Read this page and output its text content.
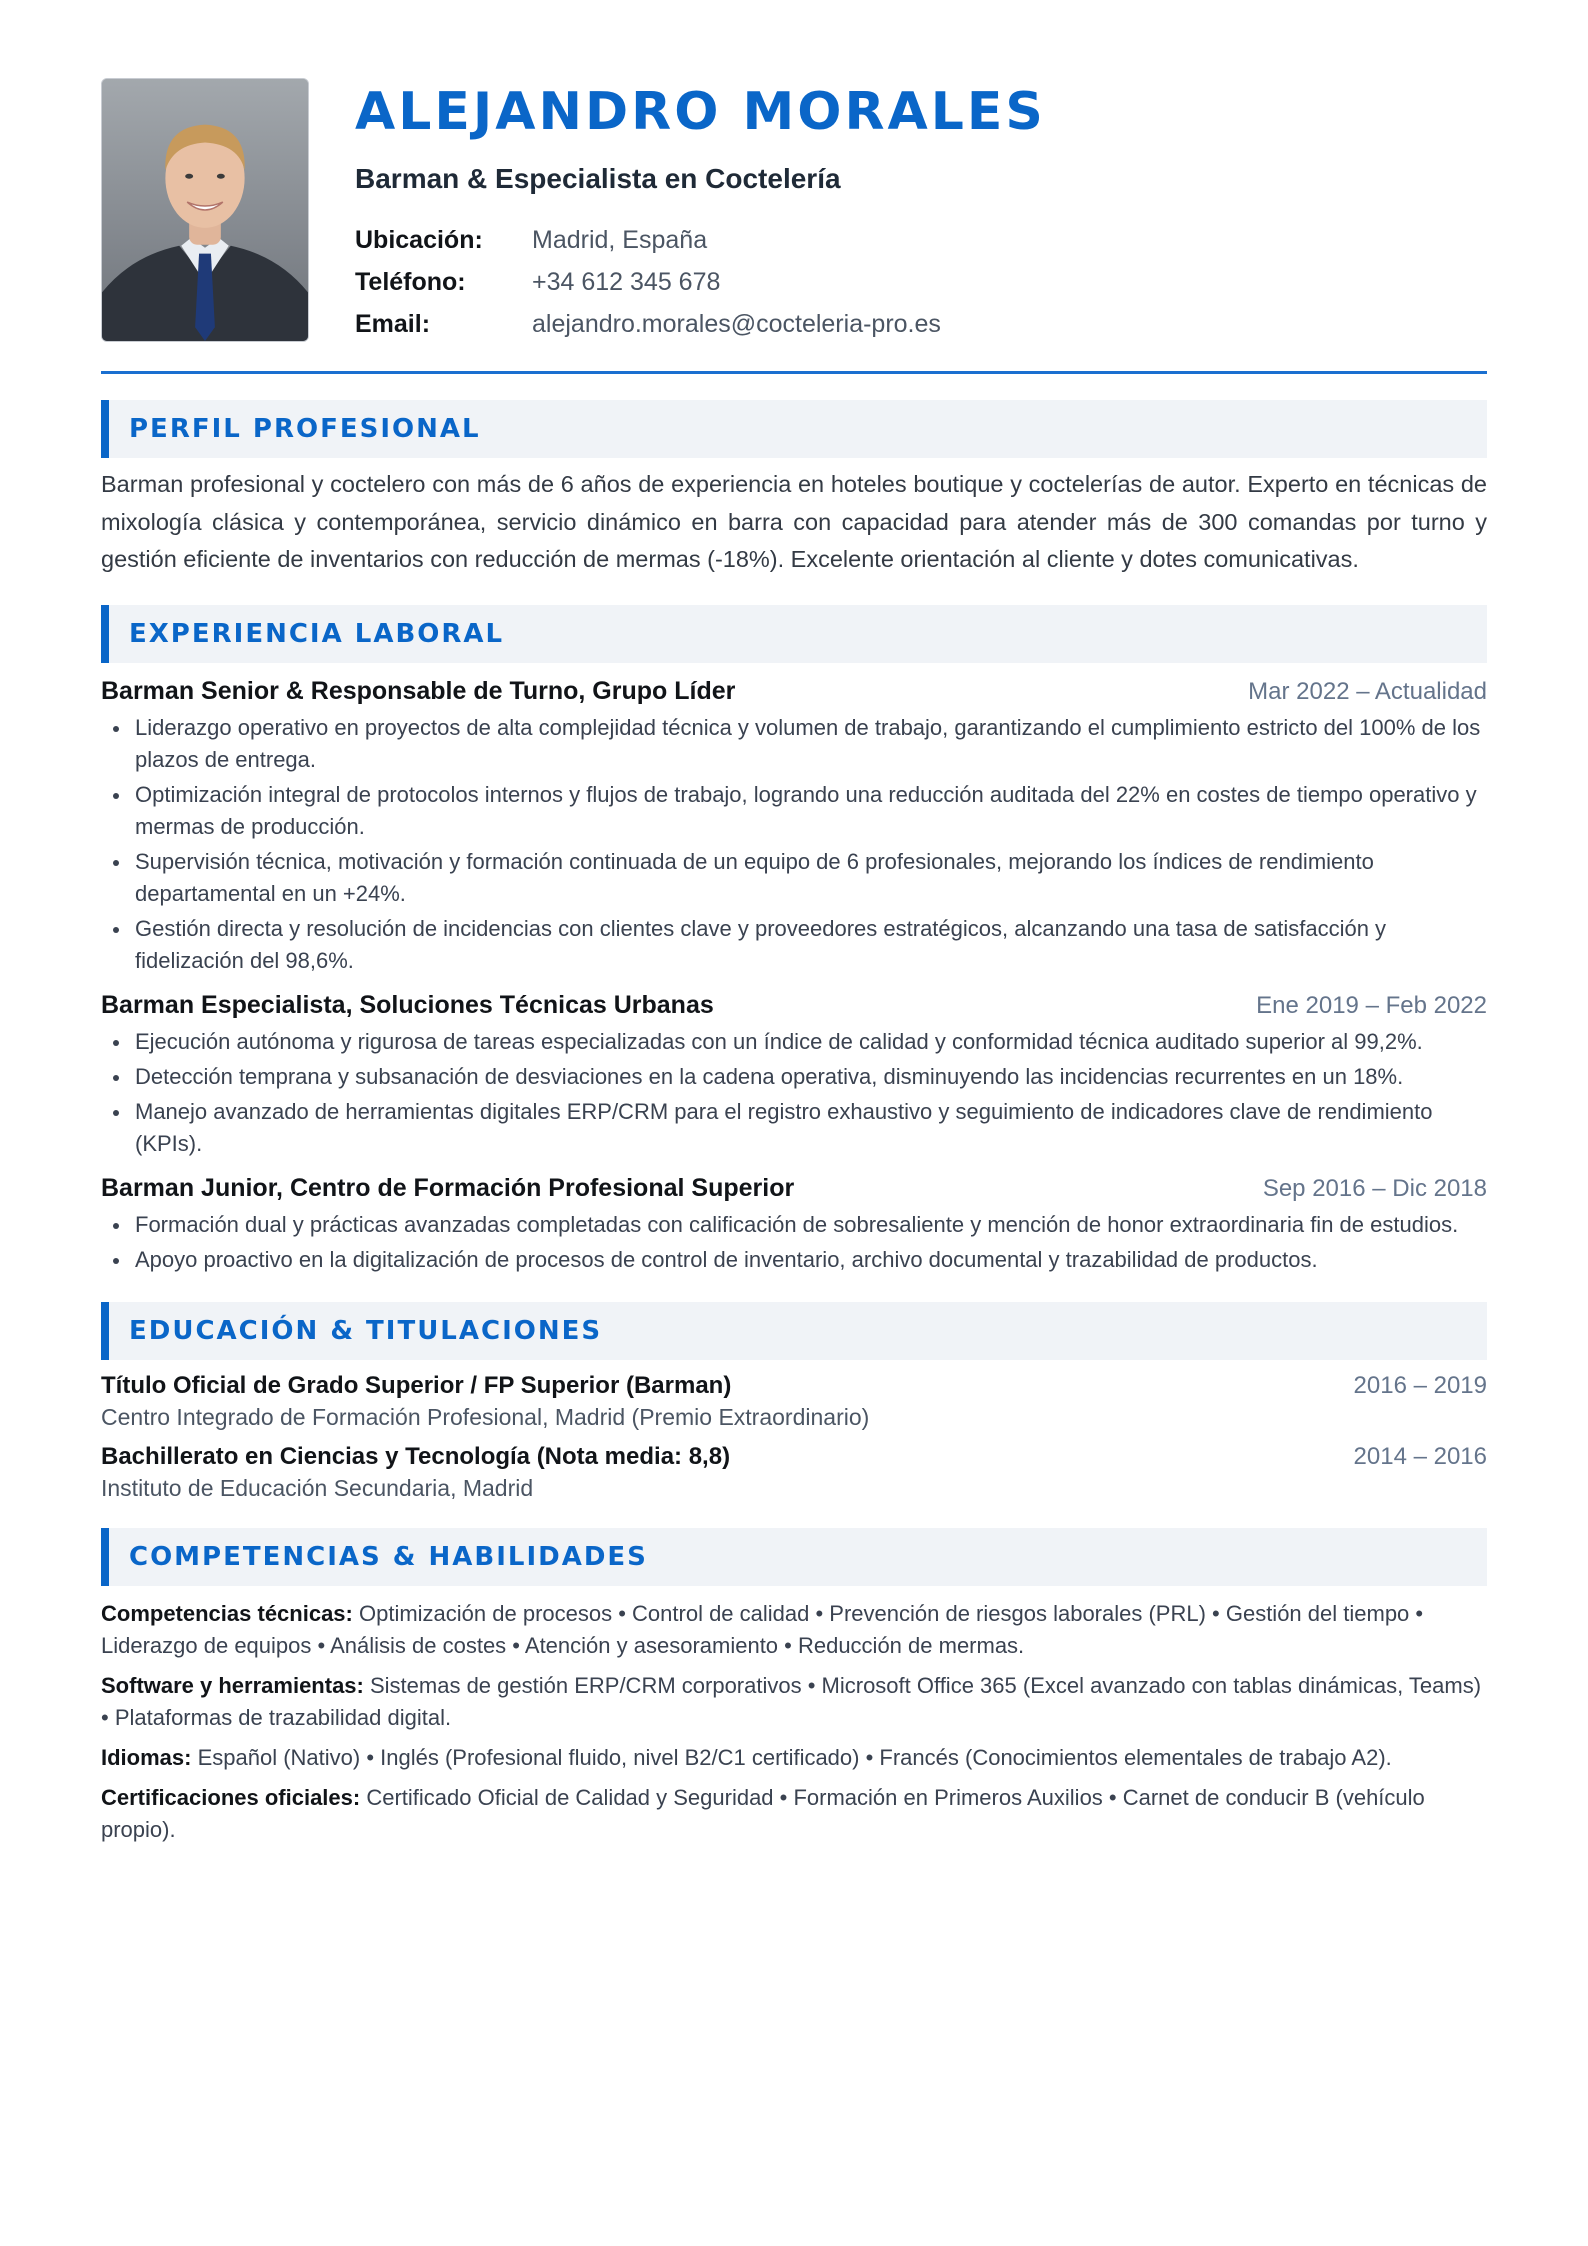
ALEJANDRO MORALES
Barman & Especialista en Coctelería
Ubicación:	Madrid, España
Teléfono:	+34 612 345 678
Email:	alejandro.morales@cocteleria-pro.es
PERFIL PROFESIONAL

Barman profesional y coctelero con más de 6 años de experiencia en hoteles boutique y coctelerías de autor. Experto en técnicas de mixología clásica y contemporánea, servicio dinámico en barra con capacidad para atender más de 300 comandas por turno y gestión eficiente de inventarios con reducción de mermas (-18%). Excelente orientación al cliente y dotes comunicativas.

EXPERIENCIA LABORAL
Barman Senior & Responsable de Turno, Grupo Líder	Mar 2022 – Actualidad
Liderazgo operativo en proyectos de alta complejidad técnica y volumen de trabajo, garantizando el cumplimiento estricto del 100% de los plazos de entrega.
Optimización integral de protocolos internos y flujos de trabajo, logrando una reducción auditada del 22% en costes de tiempo operativo y mermas de producción.
Supervisión técnica, motivación y formación continuada de un equipo de 6 profesionales, mejorando los índices de rendimiento departamental en un +24%.
Gestión directa y resolución de incidencias con clientes clave y proveedores estratégicos, alcanzando una tasa de satisfacción y fidelización del 98,6%.
Barman Especialista, Soluciones Técnicas Urbanas	Ene 2019 – Feb 2022
Ejecución autónoma y rigurosa de tareas especializadas con un índice de calidad y conformidad técnica auditado superior al 99,2%.
Detección temprana y subsanación de desviaciones en la cadena operativa, disminuyendo las incidencias recurrentes en un 18%.
Manejo avanzado de herramientas digitales ERP/CRM para el registro exhaustivo y seguimiento de indicadores clave de rendimiento (KPIs).
Barman Junior, Centro de Formación Profesional Superior	Sep 2016 – Dic 2018
Formación dual y prácticas avanzadas completadas con calificación de sobresaliente y mención de honor extraordinaria fin de estudios.
Apoyo proactivo en la digitalización de procesos de control de inventario, archivo documental y trazabilidad de productos.
EDUCACIÓN & TITULACIONES
Título Oficial de Grado Superior / FP Superior (Barman)	2016 – 2019
Centro Integrado de Formación Profesional, Madrid (Premio Extraordinario)
Bachillerato en Ciencias y Tecnología (Nota media: 8,8)	2014 – 2016
Instituto de Educación Secundaria, Madrid
COMPETENCIAS & HABILIDADES

Competencias técnicas: Optimización de procesos • Control de calidad • Prevención de riesgos laborales (PRL) • Gestión del tiempo • Liderazgo de equipos • Análisis de costes • Atención y asesoramiento • Reducción de mermas.

Software y herramientas: Sistemas de gestión ERP/CRM corporativos • Microsoft Office 365 (Excel avanzado con tablas dinámicas, Teams) • Plataformas de trazabilidad digital.

Idiomas: Español (Nativo) • Inglés (Profesional fluido, nivel B2/C1 certificado) • Francés (Conocimientos elementales de trabajo A2).

Certificaciones oficiales: Certificado Oficial de Calidad y Seguridad • Formación en Primeros Auxilios • Carnet de conducir B (vehículo propio).
